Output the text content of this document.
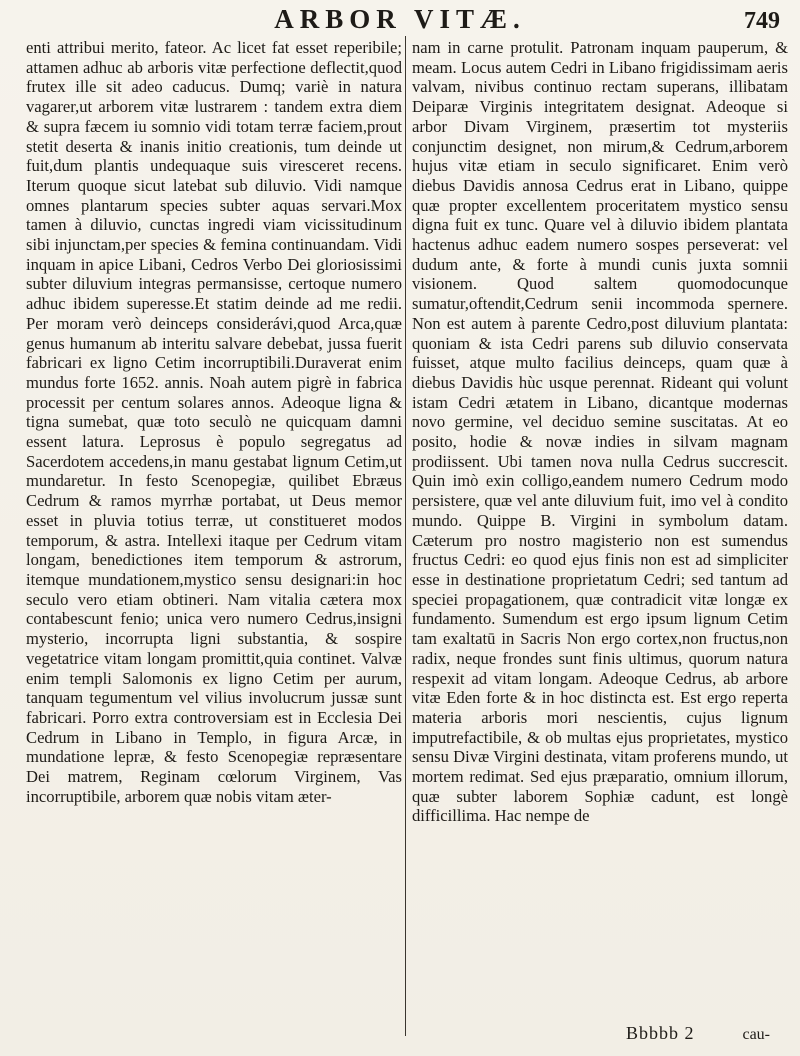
ARBOR VITÆ.	749

enti attribui merito, fateor. Ac licet fat esset reperibile; attamen adhuc ab arboris vitæ perfectione deflectit,quod frutex ille sit adeo caducus. Dumq; variè in natura vagarer,ut arborem vitæ lustrarem : tandem extra diem & supra fæcem iu somnio vidi totam terræ faciem,prout stetit deserta & inanis initio creationis, tum deinde ut fuit,dum plantis undequaque suis viresceret recens. Iterum quoque sicut latebat sub diluvio. Vidi namque omnes plantarum species subter aquas servari.Mox tamen à diluvio, cunctas ingredi viam vicissitudinum sibi injunctam,per species & femina continuandam. Vidi inquam in apice Libani, Cedros Verbo Dei gloriosissimi subter diluvium integras permansisse, certoque numero adhuc ibidem superesse.Et statim deinde ad me redii. Per moram verò deinceps considerávi,quod Arca,quæ genus humanum ab interitu salvare debebat, jussa fuerit fabricari ex ligno Cetim incorruptibili.Duraverat enim mundus forte 1652. annis. Noah autem pigrè in fabrica processit per centum solares annos. Adeoque ligna & tigna sumebat, quæ toto seculò ne quicquam damni essent latura. Leprosus è populo segregatus ad Sacerdotem accedens,in manu gestabat lignum Cetim,ut mundaretur. In festo Scenopegiæ, quilibet Ebræus Cedrum & ramos myrrhæ portabat, ut Deus memor esset in pluvia totius terræ, ut constitueret modos temporum, & astra. Intellexi itaque per Cedrum vitam longam, benedictiones item temporum & astrorum, itemque mundationem,mystico sensu designari:in hoc seculo vero etiam obtineri. Nam vitalia cætera mox contabescunt fenio; unica vero numero Cedrus,insigni mysterio, incorrupta ligni substantia, & sospire vegetatrice vitam longam promittit,quia continet. Valvæ enim templi Salomonis ex ligno Cetim per aurum, tanquam tegumentum vel vilius involucrum jussæ sunt fabricari. Porro extra controversiam est in Ecclesia Dei Cedrum in Libano in Templo, in figura Arcæ, in mundatione lepræ, & festo Scenopegiæ repræsentare Dei matrem, Reginam cœlorum Virginem, Vas incorruptibile, arborem quæ nobis vitam æter-

nam in carne protulit. Patronam inquam pauperum, & meam. Locus autem Cedri in Libano frigidissimam aeris valvam, nivibus continuo rectam superans, illibatam Deiparæ Virginis integritatem designat. Adeoque si arbor Divam Virginem, præsertim tot mysteriis conjunctim designet, non mirum,& Cedrum,arborem hujus vitæ etiam in seculo significaret. Enim verò diebus Davidis annosa Cedrus erat in Libano, quippe quæ propter excellentem proceritatem mystico sensu digna fuit ex tunc. Quare vel à diluvio ibidem plantata hactenus adhuc eadem numero sospes perseverat: vel dudum ante, & forte à mundi cunis juxta somnii visionem. Quod saltem quomodocunque sumatur,oftendit,Cedrum senii incommoda spernere. Non est autem à parente Cedro,post diluvium plantata: quoniam & ista Cedri parens sub diluvio conservata fuisset, atque multo facilius deinceps, quam quæ à diebus Davidis hùc usque perennat. Rideant qui volunt istam Cedri ætatem in Libano, dicantque modernas novo germine, vel deciduo semine suscitatas. At eo posito, hodie & novæ indies in silvam magnam prodiissent. Ubi tamen nova nulla Cedrus succrescit. Quin imò exin colligo,eandem numero Cedrum modo persistere, quæ vel ante diluvium fuit, imo vel à condito mundo. Quippe B. Virgini in symbolum datam. Cæterum pro nostro magisterio non est sumendus fructus Cedri: eo quod ejus finis non est ad simpliciter esse in destinatione proprietatum Cedri; sed tantum ad speciei propagationem, quæ contradicit vitæ longæ ex fundamento. Sumendum est ergo ipsum lignum Cetim tam exaltatū in Sacris Non ergo cortex,non fructus,non radix, neque frondes sunt finis ultimus, quorum natura respexit ad vitam longam. Adeoque Cedrus, ab arbore vitæ Eden forte & in hoc distincta est. Est ergo reperta materia arboris mori nescientis, cujus lignum imputrefactibile, & ob multas ejus proprietates, mystico sensu Divæ Virgini destinata, vitam proferens mundo, ut mortem redimat. Sed ejus præparatio, omnium illorum, quæ subter laborem Sophiæ cadunt, est longè difficillima. Hac nempe de

Bbbbb 2	cau-
